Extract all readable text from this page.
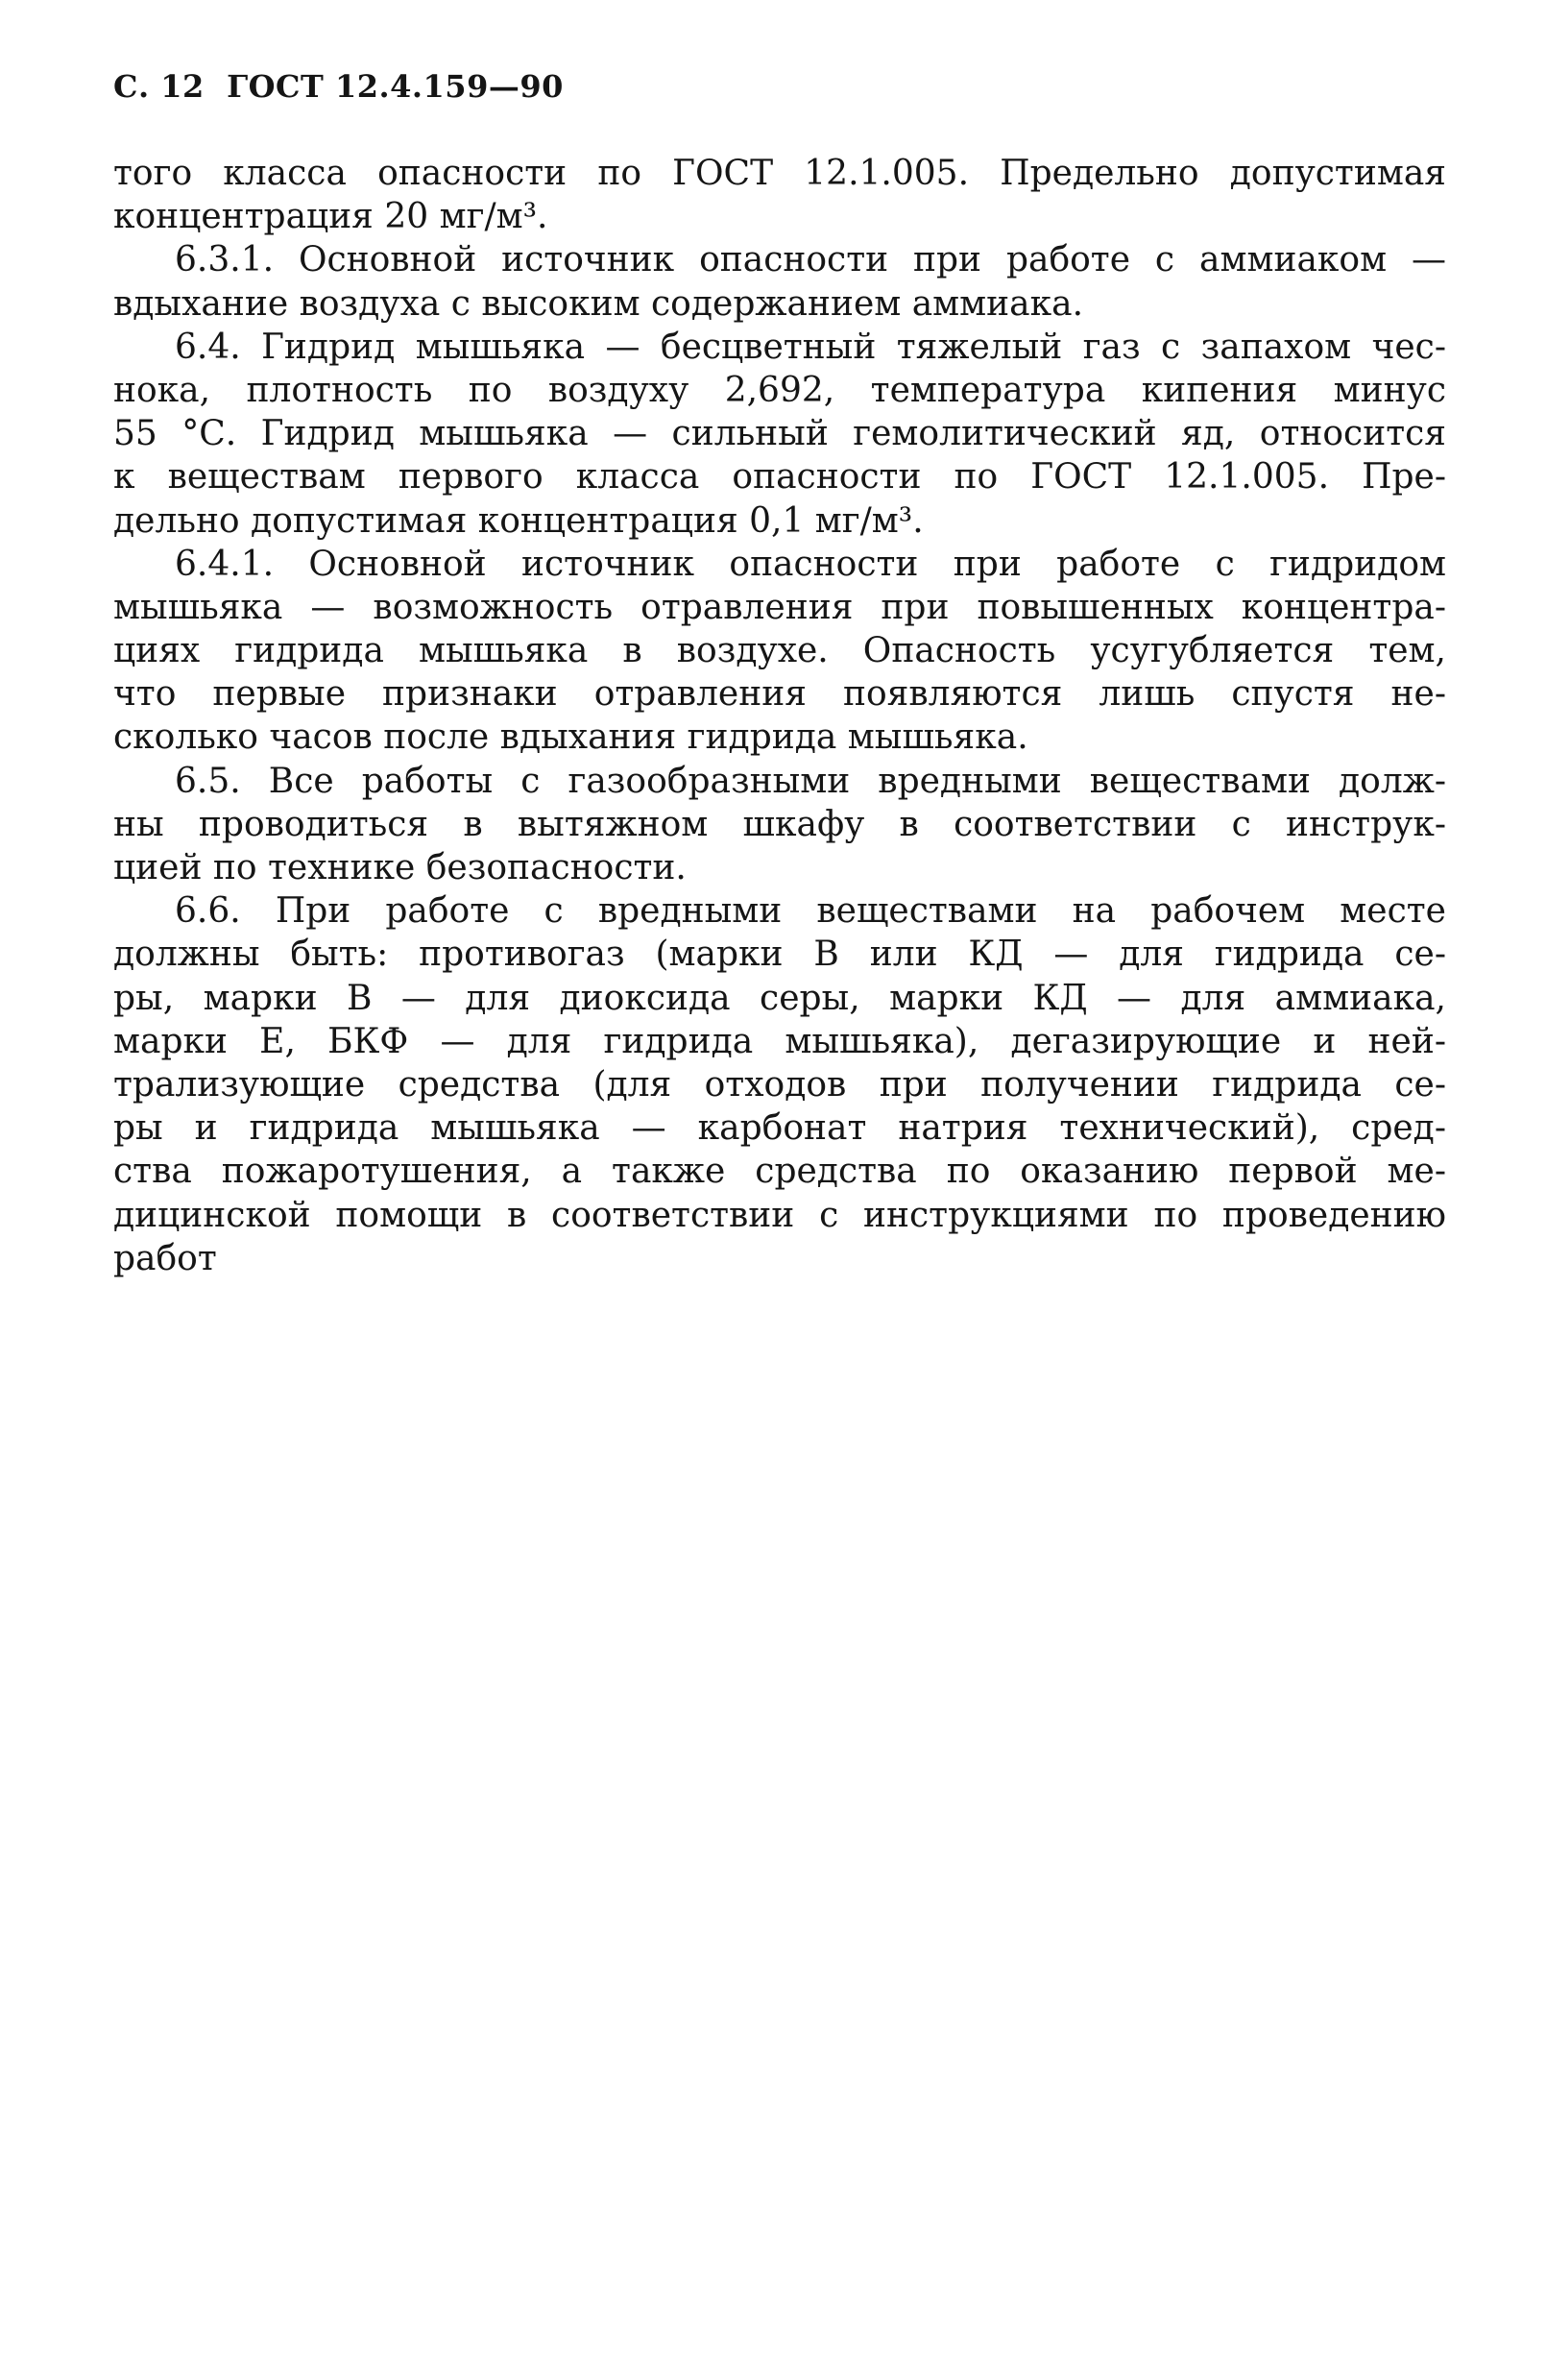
С. 12 ГОСТ 12.4.159—90
того класса опасности по ГОСТ 12.1.005. Предельно допустимая
концентрация 20 мг/м³.
6.3.1. Основной источник опасности при работе с аммиаком —
вдыхание воздуха с высоким содержанием аммиака.
6.4. Гидрид мышьяка — бесцветный тяжелый газ с запахом чес-
нока, плотность по воздуху 2,692, температура кипения минус
55 °С. Гидрид мышьяка — сильный гемолитический яд, относится
к веществам первого класса опасности по ГОСТ 12.1.005. Пре-
дельно допустимая концентрация 0,1 мг/м³.
6.4.1. Основной источник опасности при работе с гидридом
мышьяка — возможность отравления при повышенных концентра-
циях гидрида мышьяка в воздухе. Опасность усугубляется тем,
что первые признаки отравления появляются лишь спустя не-
сколько часов после вдыхания гидрида мышьяка.
6.5. Все работы с газообразными вредными веществами долж-
ны проводиться в вытяжном шкафу в соответствии с инструк-
цией по технике безопасности.
6.6. При работе с вредными веществами на рабочем месте
должны быть: противогаз (марки В или КД — для гидрида се-
ры, марки В — для диоксида серы, марки КД — для аммиака,
марки Е, БКФ — для гидрида мышьяка), дегазирующие и ней-
трализующие средства (для отходов при получении гидрида се-
ры и гидрида мышьяка — карбонат натрия технический), сред-
ства пожаротушения, а также средства по оказанию первой ме-
дицинской помощи в соответствии с инструкциями по проведению
работ
